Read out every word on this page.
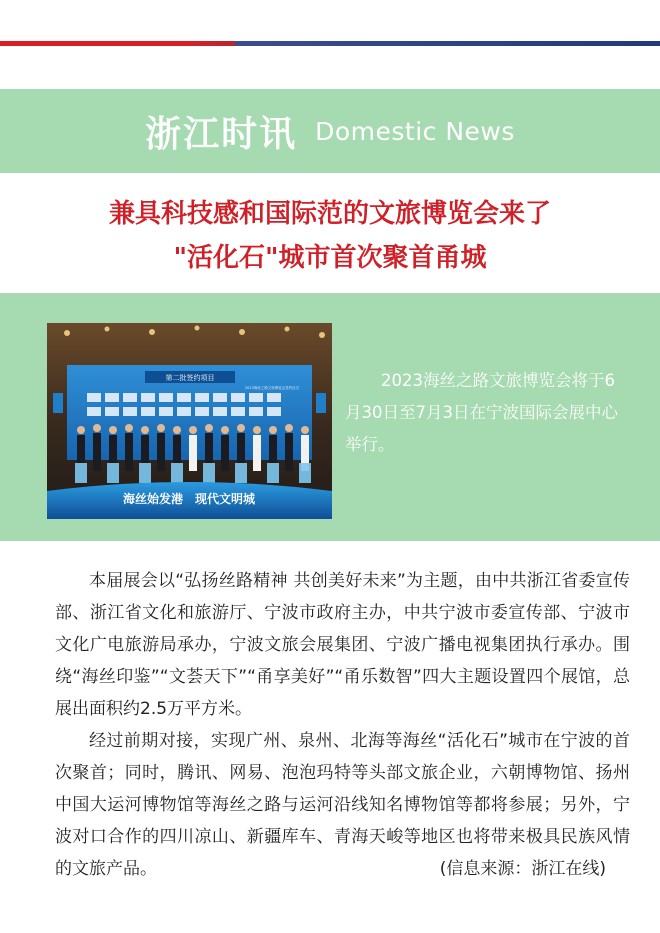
浙江时讯 Domestic News
兼具科技感和国际范的文旅博览会来了
"活化石"城市首次聚首甬城
第二批签约项目
2023海丝之路文旅博览会签约仪式
海丝始发港　现代文明城
2023海丝之路文旅博览会将于6月30日至7月3日在宁波国际会展中心举行。

本届展会以“弘扬丝路精神 共创美好未来”为主题，由中共浙江省委宣传部、浙江省文化和旅游厅、宁波市政府主办，中共宁波市委宣传部、宁波市文化广电旅游局承办，宁波文旅会展集团、宁波广播电视集团执行承办。围绕“海丝印鉴”“文荟天下”“甬享美好”“甬乐数智”四大主题设置四个展馆，总展出面积约2.5万平方米。

经过前期对接，实现广州、泉州、北海等海丝“活化石”城市在宁波的首次聚首；同时，腾讯、网易、泡泡玛特等头部文旅企业，六朝博物馆、扬州中国大运河博物馆等海丝之路与运河沿线知名博物馆等都将参展；另外，宁波对口合作的四川凉山、新疆库车、青海天峻等地区也将带来极具民族风情的文旅产品。	(信息来源：浙江在线)
